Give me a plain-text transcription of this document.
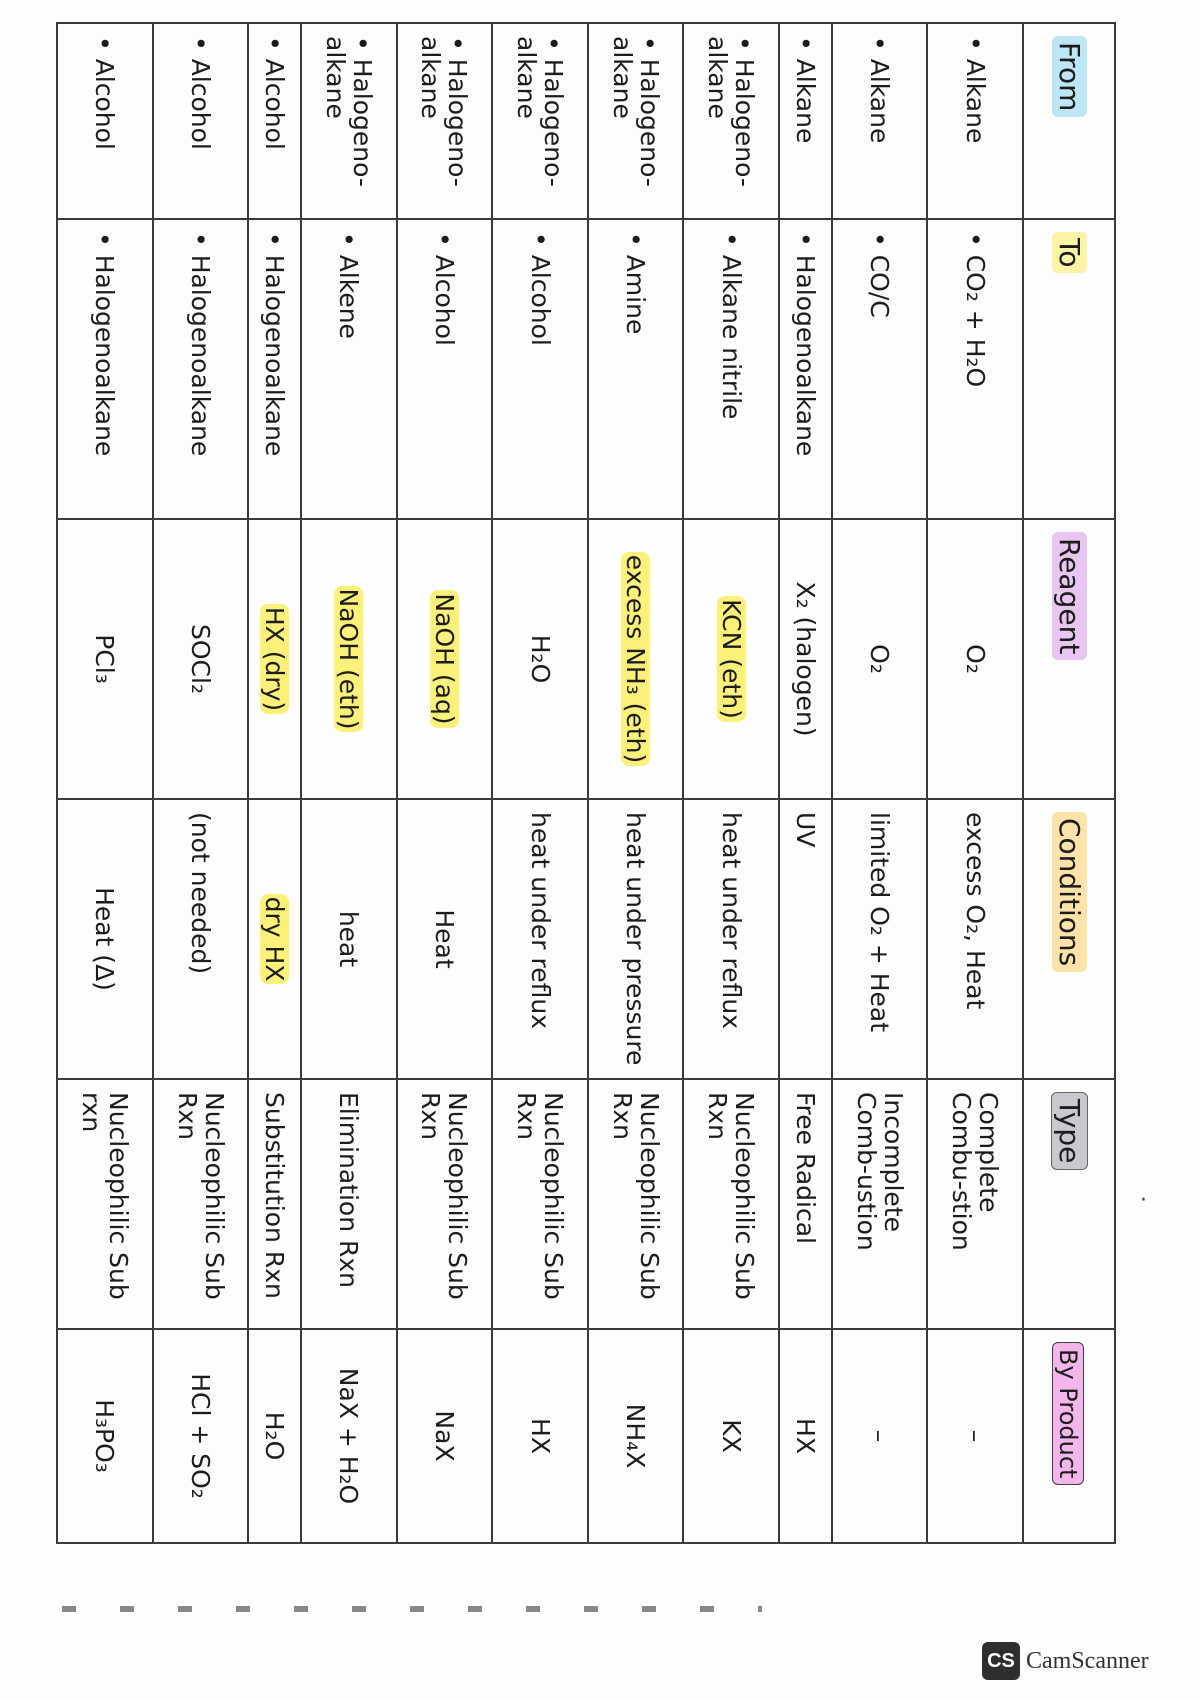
From	To	Reagent	Conditions	Type	By Product
• Alkane	• CO₂ + H₂O	O₂	excess O₂, Heat	Complete Combu-stion	–
• Alkane	• CO/C	O₂	limited O₂ + Heat	Incomplete Comb-ustion	–
• Alkane	• Halogenoalkane	X₂ (halogen)	UV	Free Radical	HX
• Halogeno-alkane	• Alkane nitrile	KCN (eth)	heat under reflux	Nucleophilic Sub Rxn	KX
• Halogeno-alkane	• Amine	excess NH₃ (eth)	heat under pressure	Nucleophilic Sub Rxn	NH₄X
• Halogeno-alkane	• Alcohol	H₂O	heat under reflux	Nucleophilic Sub Rxn	HX
• Halogeno-alkane	• Alcohol	NaOH (aq)	Heat	Nucleophilic Sub Rxn	NaX
• Halogeno-alkane	• Alkene	NaOH (eth)	heat	Elimination Rxn	NaX + H₂O
• Alcohol	• Halogenoalkane	HX (dry)	dry HX	Substitution Rxn	H₂O
• Alcohol	• Halogenoalkane	SOCl₂	(not needed)	Nucleophilic Sub Rxn	HCl + SO₂
• Alcohol	• Halogenoalkane	PCl₃	Heat (Δ)	Nucleophilic Sub rxn	H₃PO₃
·
CS CamScanner
